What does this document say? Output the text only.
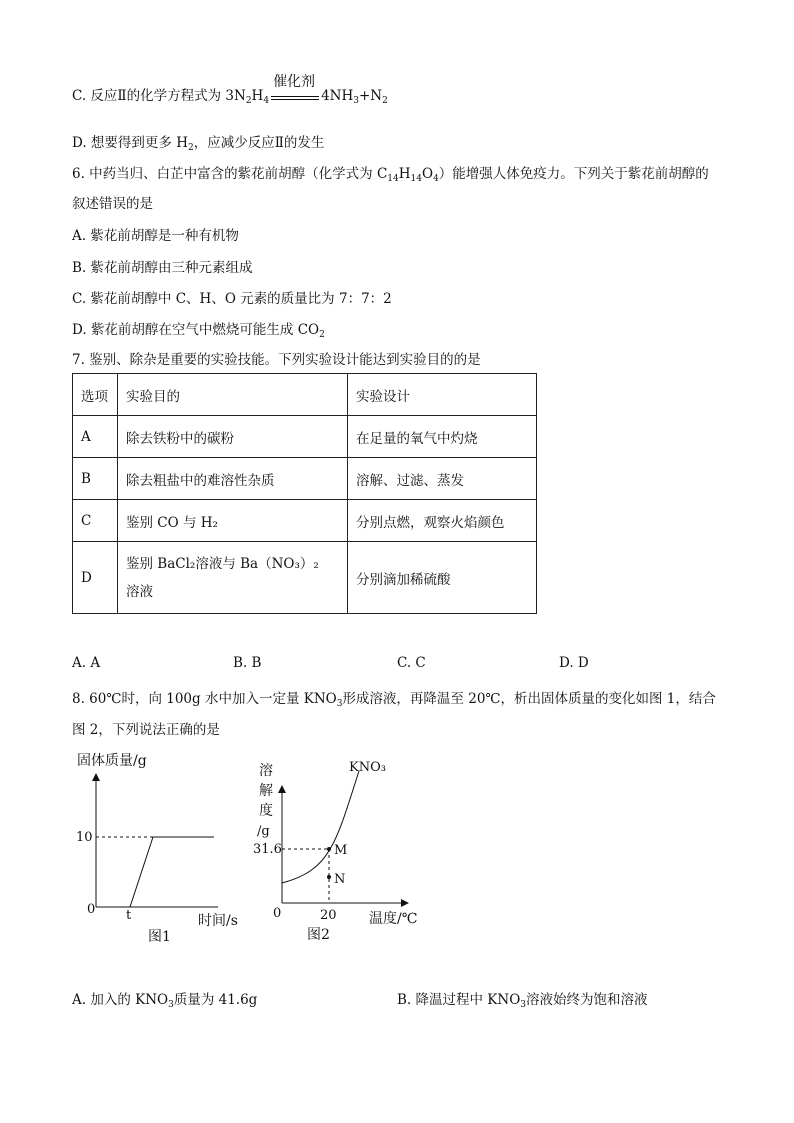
C. 反应Ⅱ的化学方程式为 $3N_2H_4$
催化剂
$4NH_3+N_2$
D. 想要得到更多 $H_2$，应减少反应Ⅱ的发生
6. 中药当归、白芷中富含的紫花前胡醇（化学式为 $C_{14}H_{14}O_4$）能增强人体免疫力。下列关于紫花前胡醇的
叙述错误的是
A. 紫花前胡醇是一种有机物
B. 紫花前胡醇由三种元素组成
C. 紫花前胡醇中 C、H、O 元素的质量比为 7：7：2
D. 紫花前胡醇在空气中燃烧可能生成 $CO_2$
7. 鉴别、除杂是重要的实验技能。下列实验设计能达到实验目的的是
选项	实验目的	实验设计
A	除去铁粉中的碳粉	在足量的氧气中灼烧
B	除去粗盐中的难溶性杂质	溶解、过滤、蒸发
C	鉴别 CO 与 H₂	分别点燃，观察火焰颜色
D	鉴别 BaCl₂溶液与 Ba（NO₃）₂溶液	分别滴加稀硫酸
A. A	B. B	C. C	D. D
8. 60℃时，向 100g 水中加入一定量 $KNO_3$形成溶液，再降温至 20℃，析出固体质量的变化如图 1，结合
图 2，下列说法正确的是
固体质量/g
10
0 t	时间/s
图1
溶
解
度
/g
M
N
KNO₃
31.6
0	20 温度/℃
图2
A. 加入的 $KNO_3$质量为 41.6g	B. 降温过程中 $KNO_3$溶液始终为饱和溶液
